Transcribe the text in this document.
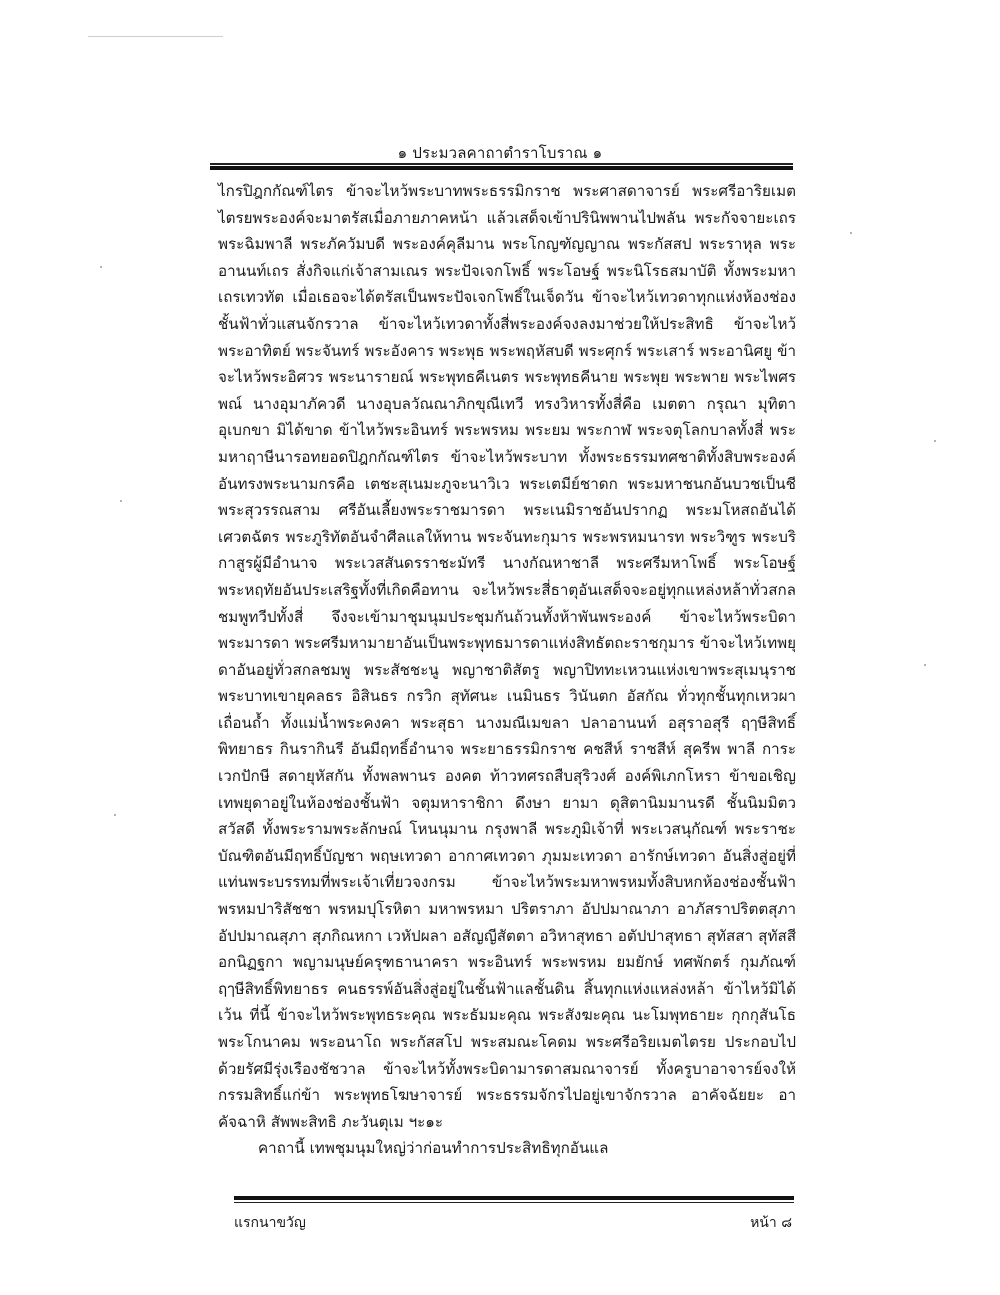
๑ ประมวลคาถาตำราโบราณ ๑

ไกรปิฎกกัณฑ์ไตร ข้าจะไหว้พระบาทพระธรรมิกราช พระศาสดาจารย์ พระศรีอาริยเมตไตรยพระองค์จะมาตรัสเมื่อภายภาคหน้า แล้วเสด็จเข้าปรินิพพานไปพลัน พระกัจจายะเถร พระฉิมพาลี พระภัควัมบดี พระองค์คุลีมาน พระโกญฑัญญาณ พระกัสสป พระราหุล พระอานนท์เถร สั่งกิจแก่เจ้าสามเณร พระปัจเจกโพธิ์ พระโอษฐ์ พระนิโรธสมาบัติ ทั้งพระมหาเถรเทวทัต เมื่อเธอจะได้ตรัสเป็นพระปัจเจกโพธิ์ในเจ็ดวัน ข้าจะไหว้เทวดาทุกแห่งห้องช่องชั้นฟ้าทั่วแสนจักรวาล ข้าจะไหว้เทวดาทั้งสี่พระองค์จงลงมาช่วยให้ประสิทธิ ข้าจะไหว้พระอาทิตย์ พระจันทร์ พระอังคาร พระพุธ พระพฤหัสบดี พระศุกร์ พระเสาร์ พระอานิศยู ข้าจะไหว้พระอิศวร พระนารายณ์ พระพุทธคีเนตร พระพุทธคีนาย พระพุย พระพาย พระไพศรพณ์ นางอุมาภัควดี นางอุบลวัณณาภิกขุณีเทวี ทรงวิหารทั้งสี่คือ เมตตา กรุณา มุทิตา อุเบกขา มิได้ขาด ข้าไหว้พระอินทร์ พระพรหม พระยม พระกาฬ พระจตุโลกบาลทั้งสี่ พระมหาฤาษีนารอทยอดปิฎกกัณฑ์ไตร ข้าจะไหว้พระบาท ทั้งพระธรรมทศชาติทั้งสิบพระองค์ อันทรงพระนามกรคือ เตชะสุเนมะภูจะนาวิเว พระเตมีย์ชาดก พระมหาชนกอันบวชเป็นชี พระสุวรรณสาม ศรีอันเลี้ยงพระราชมารดา พระเนมิราชอันปรากฏ พระมโหสถอันได้เศวตฉัตร พระภูริทัตอันจำศีลแลให้ทาน พระจันทะกุมาร พระพรหมนารท พระวิฑูร พระบริกาสูรผู้มีอำนาจ พระเวสสันดรราชะมัทรี นางกัณหาชาลี พระศรีมหาโพธิ์ พระโอษฐ์ พระหฤทัยอันประเสริฐทั้งที่เกิดคือทาน จะไหว้พระสี่ธาตุอันเสด็จจะอยู่ทุกแหล่งหล้าทั่วสกลชมพูทวีปทั้งสี่ จึงจะเข้ามาชุมนุมประชุมกันถ้วนทั้งห้าพันพระองค์ ข้าจะไหว้พระบิดาพระมารดา พระศรีมหามายาอันเป็นพระพุทธมารดาแห่งสิทธัตถะราชกุมาร ข้าจะไหว้เทพยุดาอันอยู่ทั่วสกลชมพู พระสัชชะนู พญาชาติสัตรู พญาปิททะเหวนแห่งเขาพระสุเมนุราช พระบาทเขายุคลธร อิสินธร กรวิก สุทัศนะ เนมินธร วินันตก อัสกัณ ทั่วทุกชั้นทุกเหวผาเถื่อนถ้ำ ทั้งแม่น้ำพระคงคา พระสุธา นางมณีเมขลา ปลาอานนท์ อสุราอสุรี ฤๅษีสิทธิ์ พิทยาธร กินรากินรี อันมีฤทธิ์อำนาจ พระยาธรรมิกราช คชสีห์ ราชสีห์ สุครีพ พาลี การะเวกปักษี สดายุหัสกัน ทั้งพลพานร องคต ท้าวทศรถสืบสุริวงศ์ องค์พิเภกโหรา ข้าขอเชิญเทพยุดาอยู่ในห้องช่องชั้นฟ้า จตุมหาราชิกา ดึงษา ยามา ดุสิตานิมมานรดี ชั้นนิมมิตวสวัสดี ทั้งพระรามพระลักษณ์ โหนนุมาน กรุงพาลี พระภูมิเจ้าที่ พระเวสนุกัณฑ์ พระราชะบัณฑิตอันมีฤทธิ์บัญชา พฤษเทวดา อากาศเทวดา ภุมมะเทวดา อารักษ์เทวดา อันสิ่งสู่อยู่ที่แท่นพระบรรทมที่พระเจ้าเที่ยวจงกรม ข้าจะไหว้พระมหาพรหมทั้งสิบหกห้องช่องชั้นฟ้า พรหมปาริสัชชา พรหมปุโรหิตา มหาพรหมา ปริตราภา อัปปมาณาภา อาภัสราปริตตสุภา อัปปมาณสุภา สุภกิณหกา เวหัปผลา อสัญญีสัตตา อวิหาสุทธา อตัปปาสุทธา สุทัสสา สุทัสสี อกนิฏฐกา พญามนุษย์ครุฑธานาครา พระอินทร์ พระพรหม ยมยักษ์ ทศพักตร์ กุมภัณฑ์ ฤๅษีสิทธิ์พิทยาธร คนธรรพ์อันสิ่งสู่อยู่ในชั้นฟ้าแลชั้นดิน สิ้นทุกแห่งแหล่งหล้า ข้าไหว้มิได้เว้น ที่นี้ ข้าจะไหว้พระพุทธระคุณ พระธัมมะคุณ พระสังฆะคุณ นะโมพุทธายะ กุกกุสันโธ พระโกนาคม พระอนาโถ พระกัสสโป พระสมณะโคดม พระศรีอริยเมตไตรย ประกอบไปด้วยรัศมีรุ่งเรืองชัชวาล ข้าจะไหว้ทั้งพระบิดามารดาสมณาจารย์ ทั้งครูบาอาจารย์จงให้กรรมสิทธิ์แก่ข้า พระพุทธโฆษาจารย์ พระธรรมจักรไปอยู่เขาจักรวาล อาคัจฉัยยะ อาคัจฉาหิ สัพพะสิทธิ ภะวันตุเม ฯะ๑ะ

คาถานี้ เทพชุมนุมใหญ่ว่าก่อนทำการประสิทธิทุกอันแล

แรกนาขวัญ	หน้า ๘
